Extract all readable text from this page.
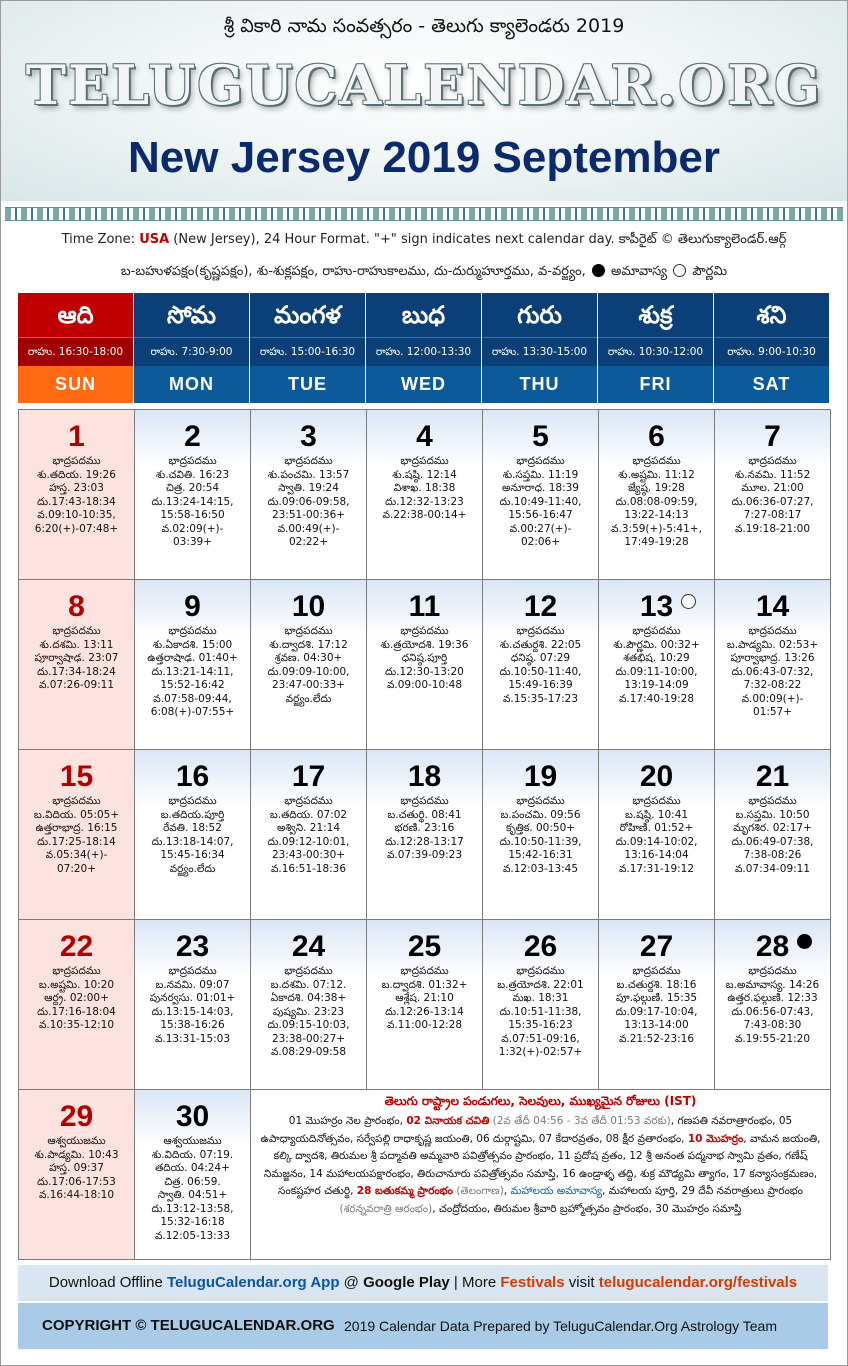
శ్రీ వికారి నామ సంవత్సరం - తెలుగు క్యాలెండరు 2019
TELUGUCALENDAR.ORG
New Jersey 2019 September
Time Zone: USA (New Jersey), 24 Hour Format. "+" sign indicates next calendar day. కాపీరైట్ © తెలుగుక్యాలెండర్.ఆర్గ్
బ-బహుళపక్షం(కృష్ణపక్షం), శు-శుక్లపక్షం, రాహు-రాహుకాలము, దు-దుర్ముహూర్తము, వ-వర్జ్యం, అమావాస్య పౌర్ణమి
ఆది
రాహు. 16:30-18:00
SUN
సోమ
రాహు. 7:30-9:00
MON
మంగళ
రాహు. 15:00-16:30
TUE
బుధ
రాహు. 12:00-13:30
WED
గురు
రాహు. 13:30-15:00
THU
శుక్ర
రాహు. 10:30-12:00
FRI
శని
రాహు. 9:00-10:30
SAT
తెలుగు రాష్ట్రాల పండుగలు, సెలవులు, ముఖ్యమైన రోజులు (IST)
01 మొహర్రం నెల ప్రారంభం, 02 వినాయక చవితి (2వ తేదీ 04:56 - 3వ తేదీ 01:53 వరకు), గణపతి నవరాత్రారంభం, 05 ఉపాధ్యాయదినోత్సవం, సర్వేపల్లి రాధాకృష్ణ జయంతి, 06 దుర్గాష్టమి, 07 కేదారవ్రతం, 08 క్షీర వ్రతారంభం, 10 మొహర్రం, వామన జయంతి, కల్కి ద్వాదశి, తిరుమల శ్రీ పద్మావతి అమ్మవారి పవిత్రోత్సవం ప్రారంభం, 11 ప్రదోష వ్రతం, 12 శ్రీ అనంత పద్మనాభ స్వామి వ్రతం, గణేష్ నిమజ్జనం, 14 మహాలయపక్షారంభం, తిరుచానూరు పవిత్రోత్సవం సమాప్తి, 16 ఉండ్రాళ్ళ తద్ది, శుక్ర మౌఢ్యమి త్యాగం, 17 కన్యాసంక్రమణం, సంకష్టహర చతుర్థి, 28 బతుకమ్మ ప్రారంభం (తెలంగాణ), మహాలయ అమావాస్య, మహాలయ పూర్తి, 29 దేవీ నవరాత్రులు ప్రారంభం (శరన్నవరాత్రి ఆరంభం), చంద్రోదయం, తిరుమల శ్రీవారి బ్రహ్మోత్సవం ప్రారంభం, 30 మొహర్రం సమాప్తి
1
భాద్రపదము
శు.తదియ. 19:26
హస్త. 23:03
దు.17:43-18:34
వ.09:10-10:35,
6:20(+)-07:48+
2
భాద్రపదము
శు.చవితి. 16:23
చిత్ర. 20:54
దు.13:24-14:15,
15:58-16:50
వ.02:09(+)-
03:39+
3
భాద్రపదము
శు.పంచమి. 13:57
స్వాతి. 19:24
దు.09:06-09:58,
23:51-00:36+
వ.00:49(+)-
02:22+
4
భాద్రపదము
శు.షష్ఠి. 12:14
విశాఖ. 18:38
దు.12:32-13:23
వ.22:38-00:14+
5
భాద్రపదము
శు.సప్తమి. 11:19
అనూరాధ. 18:39
దు.10:49-11:40,
15:56-16:47
వ.00:27(+)-
02:06+
6
భాద్రపదము
శు.అష్టమి. 11:12
జ్యేష్ఠ. 19:28
దు.08:08-09:59,
13:22-14:13
వ.3:59(+)-5:41+,
17:49-19:28
7
భాద్రపదము
శు.నవమి. 11:52
మూల. 21:00
దు.06:36-07:27,
7:27-08:17
వ.19:18-21:00
8
భాద్రపదము
శు.దశమి. 13:11
పూర్వాషాఢ. 23:07
దు.17:34-18:24
వ.07:26-09:11
9
భాద్రపదము
శు.ఏకాదశి. 15:00
ఉత్తరాషాఢ. 01:40+
దు.13:21-14:11,
15:52-16:42
వ.07:58-09:44,
6:08(+)-07:55+
10
భాద్రపదము
శు.ద్వాదశి. 17:12
శ్రవణ. 04:30+
దు.09:09-10:00,
23:47-00:33+
వర్జ్యం.లేదు
11
భాద్రపదము
శు.త్రయోదశి. 19:36
ధనిష్ఠ.పూర్తి
దు.12:30-13:20
వ.09:00-10:48
12
భాద్రపదము
శు.చతుర్దశి. 22:05
ధనిష్ఠ. 07:29
దు.10:50-11:40,
15:49-16:39
వ.15:35-17:23
13
భాద్రపదము
శు.పౌర్ణమి. 00:32+
శతభిష. 10:29
దు.09:11-10:00,
13:19-14:09
వ.17:40-19:28
14
భాద్రపదము
బ.పాడ్యమి. 02:53+
పూర్వాభాద్ర. 13:26
దు.06:43-07:32,
7:32-08:22
వ.00:09(+)-
01:57+
15
భాద్రపదము
బ.విదియ. 05:05+
ఉత్తరాభాద్ర. 16:15
దు.17:25-18:14
వ.05:34(+)-
07:20+
16
భాద్రపదము
బ.తదియ.పూర్తి
రేవతి. 18:52
దు.13:18-14:07,
15:45-16:34
వర్జ్యం.లేదు
17
భాద్రపదము
బ.తదియ. 07:02
అశ్విని. 21:14
దు.09:12-10:01,
23:43-00:30+
వ.16:51-18:36
18
భాద్రపదము
బ.చతుర్థి. 08:41
భరణి. 23:16
దు.12:28-13:17
వ.07:39-09:23
19
భాద్రపదము
బ.పంచమి. 09:56
కృత్తిక. 00:50+
దు.10:50-11:39,
15:42-16:31
వ.12:03-13:45
20
భాద్రపదము
బ.షష్ఠి. 10:41
రోహిణి. 01:52+
దు.09:14-10:02,
13:16-14:04
వ.17:31-19:12
21
భాద్రపదము
బ.సప్తమి. 10:50
మృగశిర. 02:17+
దు.06:49-07:38,
7:38-08:26
వ.07:34-09:11
22
భాద్రపదము
బ.అష్టమి. 10:20
ఆర్ద్ర. 02:00+
దు.17:16-18:04
వ.10:35-12:10
23
భాద్రపదము
బ.నవమి. 09:07
పునర్వసు. 01:01+
దు.13:15-14:03,
15:38-16:26
వ.13:31-15:03
24
భాద్రపదము
బ.దశమి. 07:12.
ఏకాదశి. 04:38+
పుష్యమి. 23:23
దు.09:15-10:03,
23:38-00:27+
వ.08:29-09:58
25
భాద్రపదము
బ.ద్వాదశి. 01:32+
ఆశ్లేష. 21:10
దు.12:26-13:14
వ.11:00-12:28
26
భాద్రపదము
బ.త్రయోదశి. 22:01
మఖ. 18:31
దు.10:51-11:38,
15:35-16:23
వ.07:51-09:16,
1:32(+)-02:57+
27
భాద్రపదము
బ.చతుర్దశి. 18:16
పూ.ఫల్గుణి. 15:35
దు.09:17-10:04,
13:13-14:00
వ.21:52-23:16
28
భాద్రపదము
బ.అమావాస్య. 14:26
ఉత్తర.ఫల్గుణి. 12:33
దు.06:56-07:43,
7:43-08:30
వ.19:55-21:20
29
ఆశ్వయుజము
శు.పాడ్యమి. 10:43
హస్త. 09:37
దు.17:06-17:53
వ.16:44-18:10
30
ఆశ్వయుజము
శు.విదియ. 07:19.
తదియ. 04:24+
చిత్ర. 06:59.
స్వాతి. 04:51+
దు.13:12-13:58,
15:32-16:18
వ.12:05-13:33
Download Offline TeluguCalendar.org App @ Google Play | More Festivals visit telugucalendar.org/festivals
COPYRIGHT © TELUGUCALENDAR.ORG 2019 Calendar Data Prepared by TeluguCalendar.Org Astrology Team
